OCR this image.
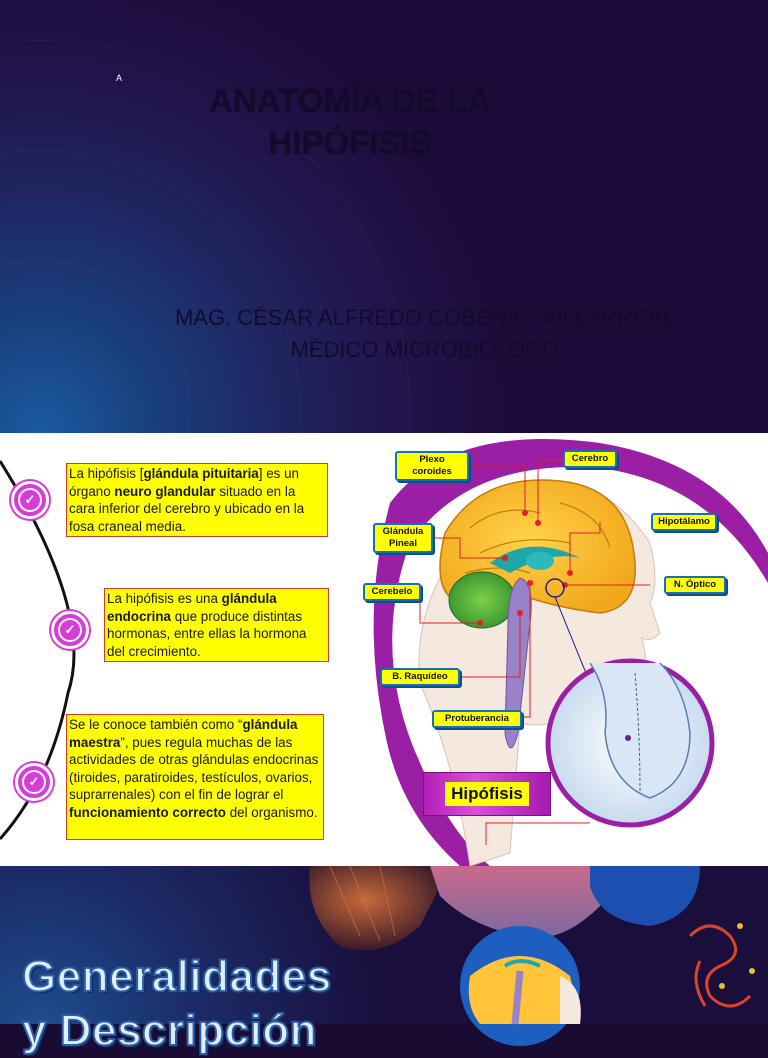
A
ANATOMÍA DE LA
HIPÓFISIS
MAG. CÉSAR ALFREDO COBEÑAS VILLARREAL
MÉDICO MICROBIOLOGO
✓
✓
✓
La hipófisis [glándula pituitaria] es un órgano neuro glandular situado en la cara inferior del cerebro y ubicado en la fosa craneal media.
La hipófisis es una glándula endocrina que produce distintas hormonas, entre ellas la hormona del crecimiento.
Se le conoce también como “glándula maestra”, pues regula muchas de las actividades de otras glándulas endocrinas (tiroides, paratiroides, testículos, ovarios, suprarrenales) con el fin de lograr el funcionamiento correcto del organismo.
Plexo coroides
Cerebro
Glándula Pineal
Hipotálamo
Cerebelo
N. Óptico
B. Raquídeo
Protuberancia
Hipófisis
Generalidades
y Descripción
